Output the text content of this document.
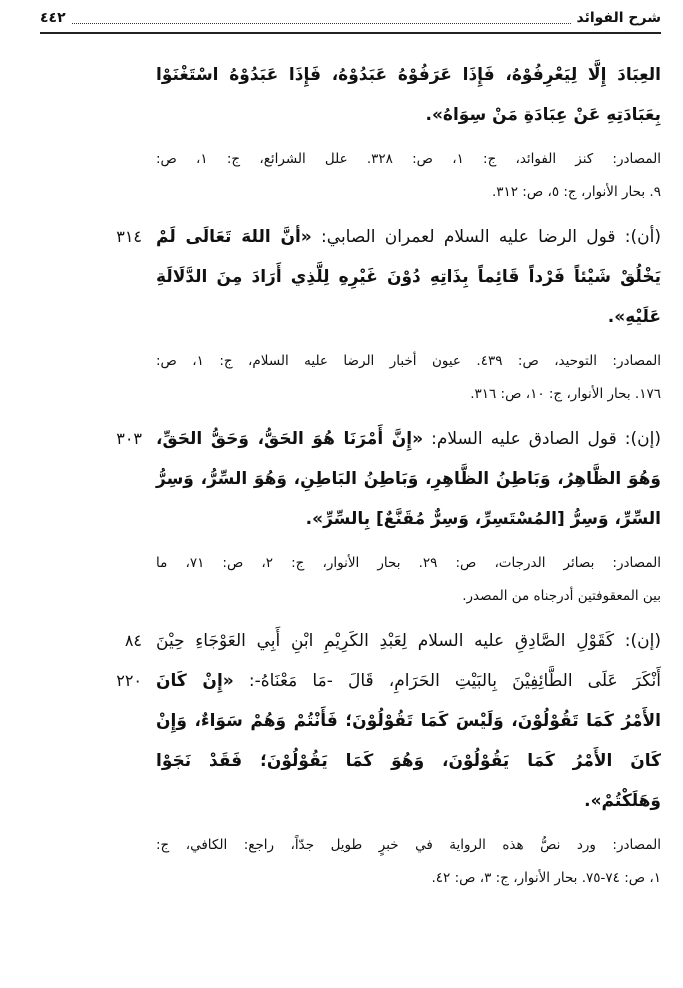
شرح الفوائد
٤٤٢
العِبَادَ إِلَّا لِيَعْرِفُوْهُ، فَإِذَا عَرَفُوْهُ عَبَدُوْهُ، فَإِذَا عَبَدُوْهُ اسْتَغْنَوْا
بِعَبَادَتِهِ عَنْ عِبَادَةِ مَنْ سِوَاهُ».
المصادر: كنز الفوائد، ج: ١، ص: ٣٢٨. علل الشرائع، ج: ١، ص:
٩. بحار الأنوار، ج: ٥، ص: ٣١٢.
(أن): قول الرضا عليه السلام لعمران الصابي: «أنَّ اللهَ تَعَالَى لَمْ
٣١٤
يَخْلُقْ شَيْئاً فَرْداً قَائِماً بِذَاتِهِ دُوْنَ غَيْرِهِ لِلَّذِي أَرَادَ مِنَ الدَّلَالَةِ
عَلَيْهِ».
المصادر: التوحيد، ص: ٤٣٩. عيون أخبار الرضا عليه السلام، ج: ١، ص:
١٧٦. بحار الأنوار، ج: ١٠، ص: ٣١٦.
(إن): قول الصادق عليه السلام: «إِنَّ أَمْرَنَا هُوَ الحَقُّ، وَحَقُّ الحَقِّ،
٣٠٣
وَهُوَ الظَّاهِرُ، وَبَاطِنُ الظَّاهِرِ، وَبَاطِنُ البَاطِنِ، وَهُوَ السِّرُّ، وَسِرُّ
السِّرِّ، وَسِرُّ [المُسْتَسِرِّ، وَسِرٌّ مُقَنَّعٌ] بِالسِّرِّ».
المصادر: بصائر الدرجات، ص: ٢٩. بحار الأنوار، ج: ٢، ص: ٧١، ما
بين المعقوفتين أدرجناه من المصدر.
(إن): كَقَوْلِ الصَّادِقِ عليه السلام لِعَبْدِ الكَرِيْمِ ابْنِ أَبِي العَوْجَاءِ حِيْنَ
٨٤
أَنْكَرَ عَلَى الطَّائِفِيْنَ بِالبَيْتِ الحَرَامِ، قَالَ -مَا مَعْنَاهُ-: «إِنْ كَانَ
٢٢٠
الأَمْرُ كَمَا تَقُوْلُوْنَ، وَلَيْسَ كَمَا تَقُوْلُوْنَ؛ فَأَنْتُمْ وَهُمْ سَوَاءٌ، وَإِنْ
كَانَ الأَمْرُ كَمَا يَقُوْلُوْنَ، وَهُوَ كَمَا يَقُوْلُوْنَ؛ فَقَدْ نَجَوْا
وَهَلَكْتُمْ».
المصادر: ورد نصُّ هذه الرواية في خبرٍ طويل جدّاً، راجع: الكافي، ج:
١، ص: ٧٤-٧٥. بحار الأنوار، ج: ٣، ص: ٤٢.
